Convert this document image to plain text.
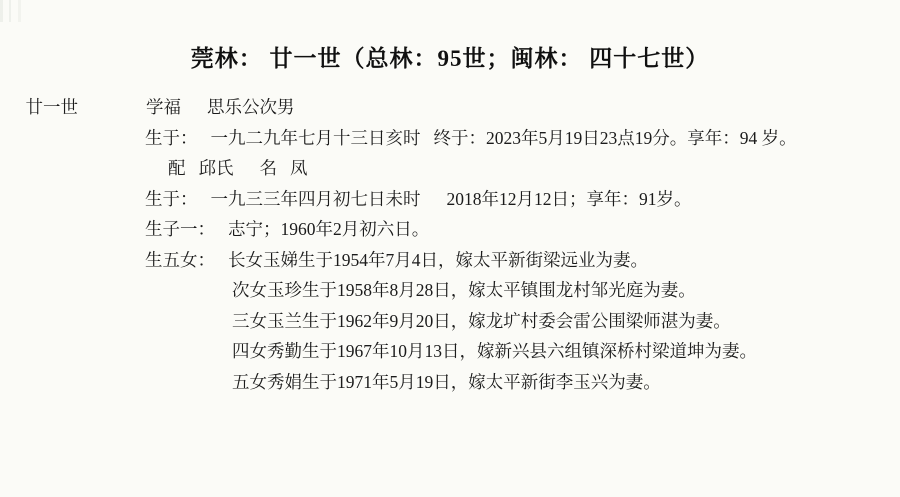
莞林： 廿一世（总林：95世；闽林： 四十七世）
廿一世	学福 思乐公次男
生于： 一九二九年七月十三日亥时 终于： 2023年5月19日23点19分。 享年： 94 岁。
配 邱氏 名 凤
生于： 一九三三年四月初七日未时 2018年12月12日； 享年： 91岁。
生子一： 志宁；1960年2月初六日。
生五女： 长女玉娣生于1954年7月4日，嫁太平新街梁远业为妻。
次女玉珍生于1958年8月28日，嫁太平镇围龙村邹光庭为妻。
三女玉兰生于1962年9月20日，嫁龙圹村委会雷公围梁师湛为妻。
四女秀勤生于1967年10月13日，嫁新兴县六组镇深桥村梁道坤为妻。
五女秀娟生于1971年5月19日，嫁太平新街李玉兴为妻。
